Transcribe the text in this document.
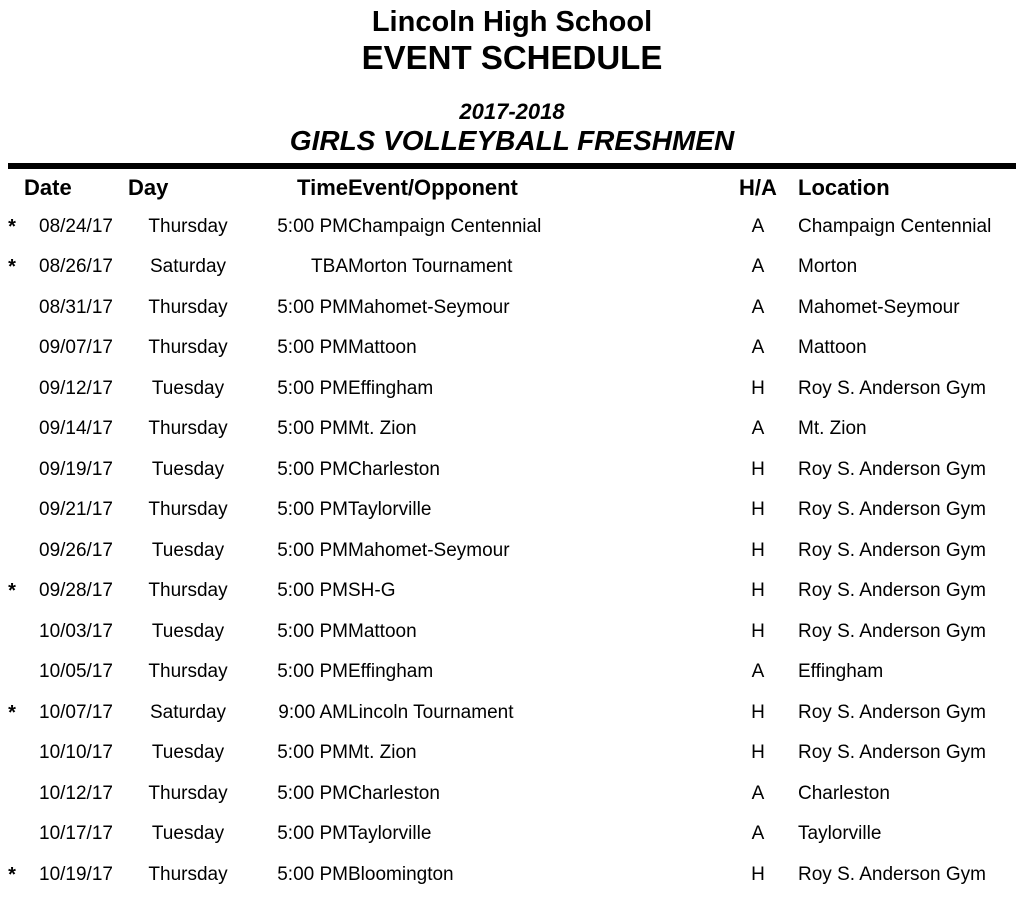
Lincoln High School
EVENT SCHEDULE
2017-2018
GIRLS VOLLEYBALL FRESHMEN
	Date	Day	Time	Event/Opponent	H/A	Location
*	08/24/17	Thursday	5:00 PM	Champaign Centennial	A	Champaign Centennial
*	08/26/17	Saturday	TBA	Morton Tournament	A	Morton
	08/31/17	Thursday	5:00 PM	Mahomet-Seymour	A	Mahomet-Seymour
	09/07/17	Thursday	5:00 PM	Mattoon	A	Mattoon
	09/12/17	Tuesday	5:00 PM	Effingham	H	Roy S. Anderson Gym
	09/14/17	Thursday	5:00 PM	Mt. Zion	A	Mt. Zion
	09/19/17	Tuesday	5:00 PM	Charleston	H	Roy S. Anderson Gym
	09/21/17	Thursday	5:00 PM	Taylorville	H	Roy S. Anderson Gym
	09/26/17	Tuesday	5:00 PM	Mahomet-Seymour	H	Roy S. Anderson Gym
*	09/28/17	Thursday	5:00 PM	SH-G	H	Roy S. Anderson Gym
	10/03/17	Tuesday	5:00 PM	Mattoon	H	Roy S. Anderson Gym
	10/05/17	Thursday	5:00 PM	Effingham	A	Effingham
*	10/07/17	Saturday	9:00 AM	Lincoln Tournament	H	Roy S. Anderson Gym
	10/10/17	Tuesday	5:00 PM	Mt. Zion	H	Roy S. Anderson Gym
	10/12/17	Thursday	5:00 PM	Charleston	A	Charleston
	10/17/17	Tuesday	5:00 PM	Taylorville	A	Taylorville
*	10/19/17	Thursday	5:00 PM	Bloomington	H	Roy S. Anderson Gym
